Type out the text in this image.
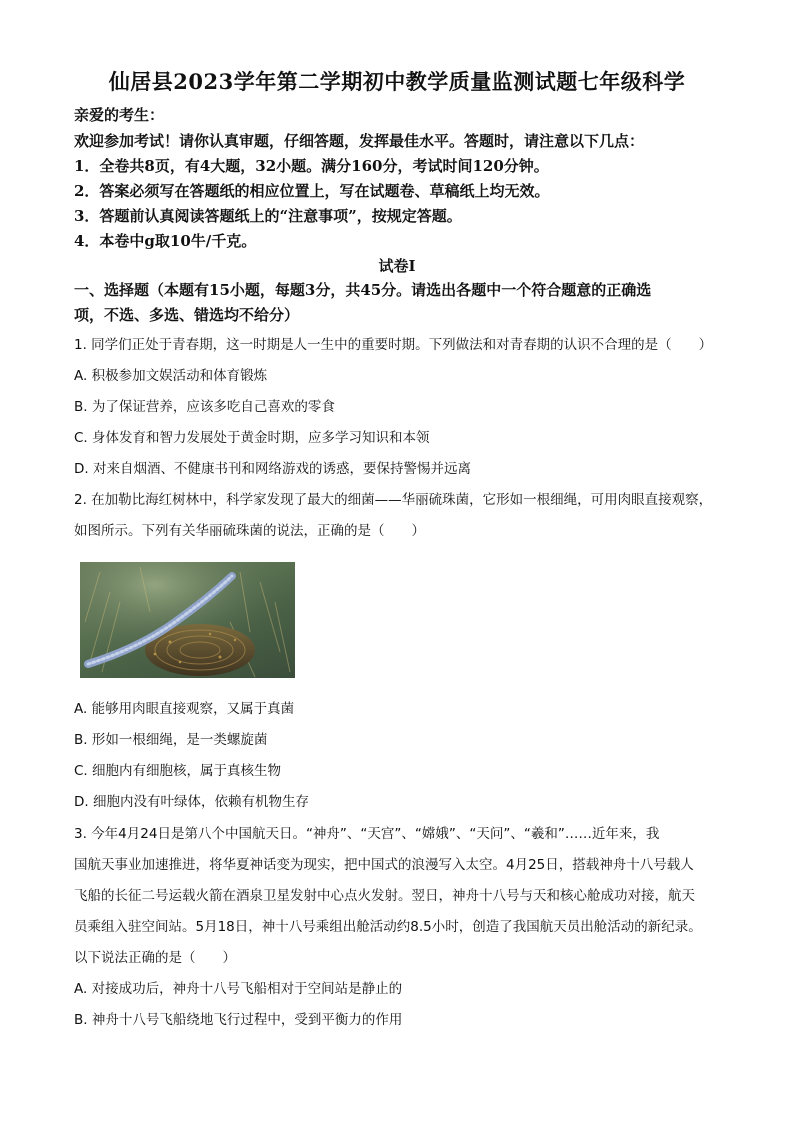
仙居县2023学年第二学期初中教学质量监测试题七年级科学
亲爱的考生：
欢迎参加考试！请你认真审题，仔细答题，发挥最佳水平。答题时，请注意以下几点：
1．全卷共8页，有4大题，32小题。满分160分，考试时间120分钟。
2．答案必须写在答题纸的相应位置上，写在试题卷、草稿纸上均无效。
3．答题前认真阅读答题纸上的“注意事项”，按规定答题。
4．本卷中g取10牛/千克。
试卷Ⅰ
一、选择题（本题有15小题，每题3分，共45分。请选出各题中一个符合题意的正确选
项，不选、多选、错选均不给分）
1. 同学们正处于青春期，这一时期是人一生中的重要时期。下列做法和对青春期的认识不合理的是（　　）
A. 积极参加文娱活动和体育锻炼
B. 为了保证营养，应该多吃自己喜欢的零食
C. 身体发育和智力发展处于黄金时期，应多学习知识和本领
D. 对来自烟酒、不健康书刊和网络游戏的诱惑，要保持警惕并远离
2. 在加勒比海红树林中，科学家发现了最大的细菌——华丽硫珠菌，它形如一根细绳，可用肉眼直接观察，
如图所示。下列有关华丽硫珠菌的说法，正确的是（　　）
A. 能够用肉眼直接观察，又属于真菌
B. 形如一根细绳，是一类螺旋菌
C. 细胞内有细胞核，属于真核生物
D. 细胞内没有叶绿体，依赖有机物生存
3. 今年4月24日是第八个中国航天日。“神舟”、“天宫”、“嫦娥”、“天问”、“羲和”……近年来，我
国航天事业加速推进，将华夏神话变为现实，把中国式的浪漫写入太空。4月25日，搭载神舟十八号载人
飞船的长征二号运载火箭在酒泉卫星发射中心点火发射。翌日，神舟十八号与天和核心舱成功对接，航天
员乘组入驻空间站。5月18日，神十八号乘组出舱活动约8.5小时，创造了我国航天员出舱活动的新纪录。
以下说法正确的是（　　）
A. 对接成功后，神舟十八号飞船相对于空间站是静止的
B. 神舟十八号飞船绕地飞行过程中，受到平衡力的作用
